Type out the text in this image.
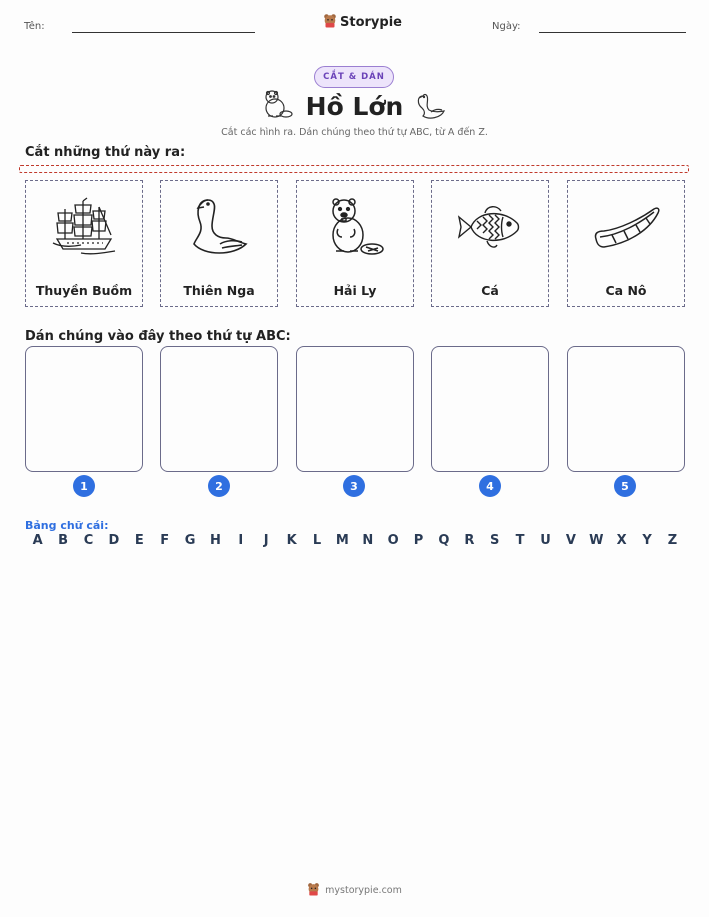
Tên:	Storypie	Ngày:
CẮT & DÁN
Hồ Lớn
Cắt các hình ra. Dán chúng theo thứ tự ABC, từ A đến Z.
Cắt những thứ này ra:
Thuyền Buồm	Thiên Nga	Hải Ly	Cá	Ca Nô
Dán chúng vào đây theo thứ tự ABC:
1	2	3	4	5
Bảng chữ cái:
A	B	C	D	E	F	G	H	I	J	K	L	M	N	O	P	Q	R	S	T	U	V	W	X	Y	Z
mystorypie.com
